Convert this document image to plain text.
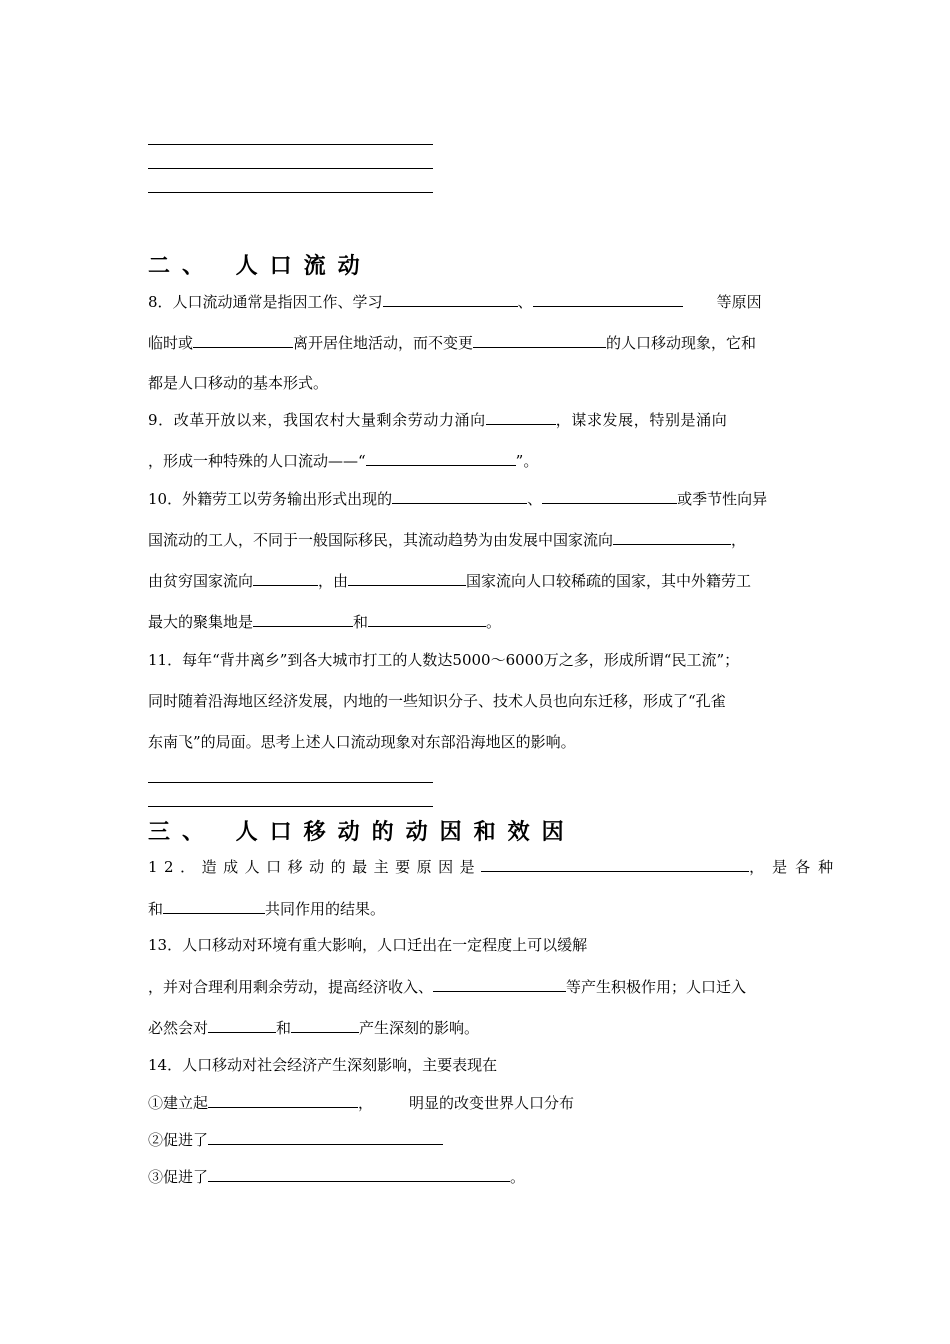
二、 人口流动
8．人口流动通常是指因工作、学习	、	等原因
临时或	离开居住地活动，而不变更	的人口移动现象，它和
都是人口移动的基本形式。
9．改革开放以来，我国农村大量剩余劳动力涌向	，谋求发展，特别是涌向
，形成一种特殊的人口流动——“	”。
10．外籍劳工以劳务输出形式出现的	、	或季节性向异
国流动的工人，不同于一般国际移民，其流动趋势为由发展中国家流向	，
由贫穷国家流向	，由	国家流向人口较稀疏的国家，其中外籍劳工
最大的聚集地是	和	。
11．每年“背井离乡”到各大城市打工的人数达5000～6000万之多，形成所谓“民工流”；
同时随着沿海地区经济发展，内地的一些知识分子、技术人员也向东迁移，形成了“孔雀
东南飞”的局面。思考上述人口流动现象对东部沿海地区的影响。
三、 人口移动的动因和效因
12．造成人口移动的最主要原因是	，是各种
和	共同作用的结果。
13．人口移动对环境有重大影响，人口迁出在一定程度上可以缓解
，并对合理利用剩余劳动，提高经济收入、	等产生积极作用；人口迁入
必然会对	和	产生深刻的影响。
14．人口移动对社会经济产生深刻影响，主要表现在
①建立起	， 明显的改变世界人口分布
②促进了
③促进了	。
